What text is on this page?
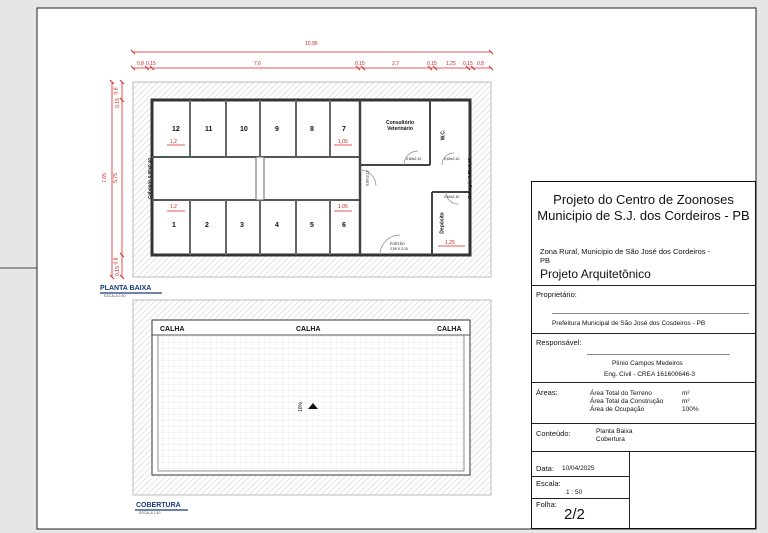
10,95
0,8 0,15	7,6	0,15	2,7	0,15 1,25 0,15 0,8
0,8
0,15
7,65 5,75
0,8
0,15
12	11	10	9	8	7
1	2	3	4	5	6
1,2
1,2
1,05
1,05
1,25
Consultório Veterinário
W.C.
Depósito
Cobogós 0,50x0,40	Cobogós 0,50x0,40
0,80x2,10	0,60x2,10
0,80x2,10
0,60x2,10
PORTÃO
2,50 X 2,10
PLANTA BAIXA
ESCALA 1:50
CALHA	CALHA	CALHA
10%
COBERTURA
ESCALA 1:50
Projeto do Centro de Zoonoses Municipio de S.J. dos Cordeiros - PB
Zona Rural, Municipio de São José dos Cordeiros - PB
Projeto Arquitetônico
Proprietário:
Prefeitura Municipal de São José dos Cosdeiros - PB
Responsável:
Plínio Campos Medeiros
Eng. Civil - CREA 161600646-3
Áreas:	Área Total do Terreno	m²
Área Total da Construção	m²
Área de Ocupação	100%
Conteúdo:	Planta Baixa
Cobertura
Data: 10/04/2025
Escala:
1 : 50
Folha:
2/2
